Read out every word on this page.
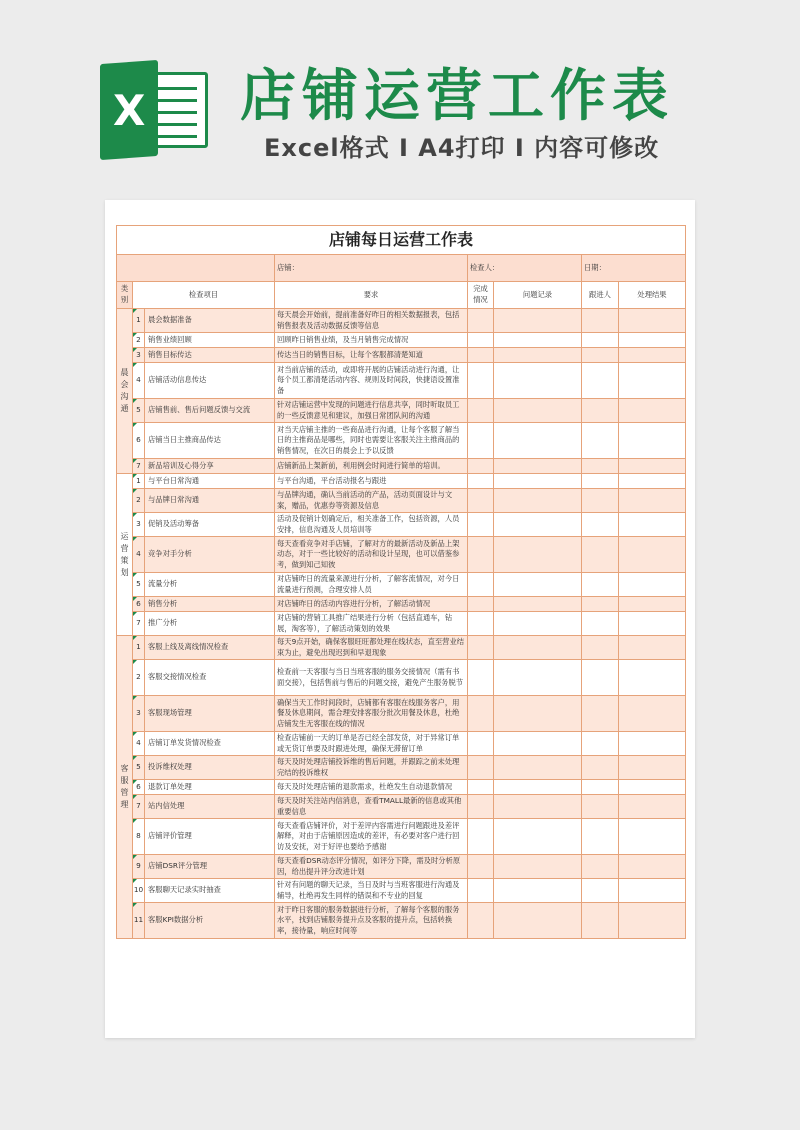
X 店铺运营工作表
Excel格式 I A4打印 I 内容可修改
店铺每日运营工作表							
			店铺：	检查人：		日期：	
类别	检查项目		要求	完成情况	问题记录	跟进人	处理结果
晨会沟通	1	晨会数据准备	每天晨会开始前，提前准备好昨日的相关数据报表，包括销售报表及活动数据反馈等信息				
	2	销售业绩回顾	回顾昨日销售业绩，及当月销售完成情况				
	3	销售目标传达	传达当日的销售目标，让每个客服都清楚知道				
	4	店铺活动信息传达	对当前店铺的活动，或即将开展的店铺活动进行沟通，让每个员工都清楚活动内容、规则及时间段，快捷语设置准备				
	5	店铺售前、售后问题反馈与交流	针对店铺运营中发现的问题进行信息共享，同时听取员工的一些反馈意见和建议，加强日常团队间的沟通				
	6	店铺当日主推商品传达	对当天店铺主推的一些商品进行沟通，让每个客服了解当日的主推商品是哪些，同时也需要让客服关注主推商品的销售情况，在次日的晨会上予以反馈				
	7	新品培训及心得分享	店铺新品上架新前，利用例会时间进行简单的培训。				
运营策划	1	与平台日常沟通	与平台沟通，平台活动报名与跟进				
	2	与品牌日常沟通	与品牌沟通，确认当前活动的产品，活动页面设计与文案，赠品，优惠券等资源及信息				
	3	促销及活动筹备	活动及促销计划确定后，相关准备工作，包括资源，人员安排，信息沟通及人员培训等				
	4	竞争对手分析	每天查看竞争对手店铺，了解对方的最新活动及新品上架动态，对于一些比较好的活动和设计呈现，也可以借鉴参考，做到知己知彼				
	5	流量分析	对店铺昨日的流量来源进行分析，了解客流情况，对今日流量进行预测，合理安排人员				
	6	销售分析	对店铺昨日的活动内容进行分析，了解活动情况				
	7	推广分析	对店铺的营销工具推广结果进行分析（包括直通车，钻展，淘客等），了解活动策划的效果				
客服管理	1	客服上线及离线情况检查	每天9点开始，确保客服旺旺都处理在线状态，直至营业结束为止，避免出现迟到和早退现象				
	2	客服交接情况检查	检查前一天客服与当日当班客服的服务交接情况（需有书面交接），包括售前与售后的问题交接，避免产生服务脱节				
	3	客服现场管理	确保当天工作时间段时，店铺都有客服在线服务客户，用餐及休息期间，需合理安排客服分批次用餐及休息，杜绝店铺发生无客服在线的情况				
	4	店铺订单发货情况检查	检查店铺前一天的订单是否已经全部发货，对于异常订单或无货订单要及时跟进处理，确保无滞留订单				
	5	投诉维权处理	每天及时处理店铺投诉维的售后问题，并跟踪之前未处理完结的投诉维权				
	6	退款订单处理	每天及时处理店铺的退款需求，杜绝发生自动退款情况				
	7	站内信处理	每天及时关注站内信消息，查看TMALL最新的信息或其他重要信息				
	8	店铺评价管理	每天查看店铺评价，对于差评内容需进行问题跟进及差评解释，对由于店铺原因造成的差评，有必要对客户进行回访及安抚，对于好评也要给予感谢				
	9	店铺DSR评分管理	每天查看DSR动态评分情况，如评分下降，需及时分析原因，给出提升评分改进计划				
	10	客服聊天记录实时抽查	针对有问题的聊天记录，当日及时与当班客服进行沟通及辅导，杜绝再发生同样的错误和不专业的回复				
	11	客服KPI数据分析	对于昨日客服的服务数据进行分析，了解每个客服的服务水平，找到店铺服务提升点及客服的提升点，包括转换率，接待量，响应时间等				
